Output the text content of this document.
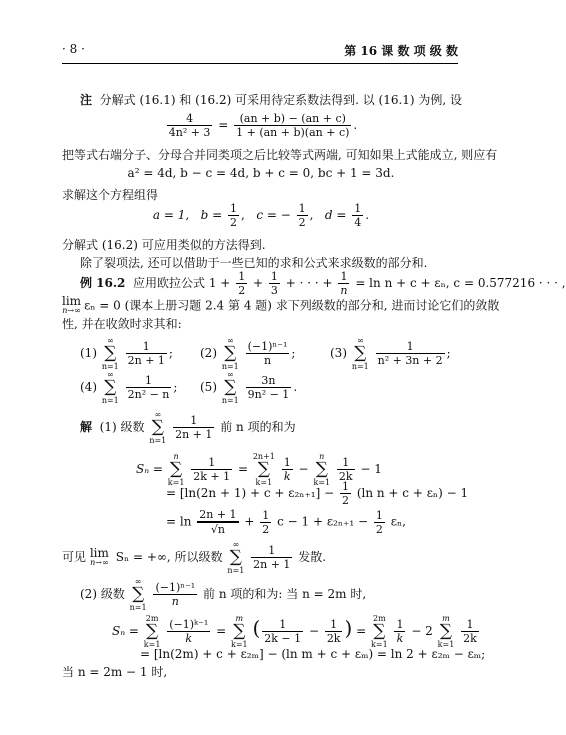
· 8 ·	第 16 课 数 项 级 数
注 分解式 (16.1) 和 (16.2) 可采用待定系数法得到. 以 (16.1) 为例, 设
$\frac{4}{\text{4n² + 3}} = \frac{(an + b) - (an + c)}{1 + (an + b)(an + c)}$ .
把等式右端分子、分母合并同类项之后比较等式两端, 可知如果上式能成立, 则应有
a² = 4d, b − c = 4d, b + c = 0, bc + 1 = 3d.
求解这个方程组得
a = 1, $b = \frac{1}{2}$ ,   c = − $\frac{1}{2}$ ,   $d = \frac{1}{4}$ .
分解式 (16.2) 可应用类似的方法得到.
除了裂项法, 还可以借助于一些已知的求和公式来求级数的部分和.
例 16.2 应用欧拉公式 $1 + \frac{1}{2} + \frac{1}{3}$ + · · · + $\frac{1}{n} = \ln n + c + \varepsilon_n$, c = 0.577216 · · · ,
lim
n→∞ εₙ = 0 (课本上册习题 2.4 第 4 题) 求下列级数的部分和, 进而讨论它们的敛散
性, 并在收敛时求其和:
(1) ∞
∑
$n=1 \frac{1}{2n + 1}$ ;	(2) ∞
∑
$n=1 \frac{\text{(−1)ⁿ⁻¹}}{n}$ ;	(3) ∞
∑
$n=1 \frac{1}{\text{n² + 3n + 2}}$ ;
(4) ∞
∑
$n=1 \frac{1}{\text{2n² − n}}$ ;	(5) ∞
∑
$n=1 \frac{3n}{\text{9n² − 1}}$ .
解 (1) 级数 ∞
∑
$n=1 \frac{1}{2n + 1}$ 前 n 项的和为
Sₙ = n
∑
$k=1 \frac{1}{2k + 1} = 2n+1$
∑
$k=1 \frac{1}{k} - n$
∑
$k=1 \frac{1}{2k} - 1$
= $[\ln(2n + 1) + c + \varepsilon_{2n+1}] - \frac{1}{2} (\ln$ n + c + εₙ) − 1
= $\ln \frac{2n + 1}{√n} + \frac{1}{2}$ $c - 1 + \varepsilon_{2n+1} - \frac{1}{2} \varepsilon_n$,
可见 lim
n→∞ Sₙ = +∞, 所以级数 ∞
∑
$n=1 \frac{1}{2n + 1}$ 发散.
(2) 级数 ∞
∑
$n=1 \frac{\text{(−1)ⁿ⁻¹}}{n}$ 前 n 项的和为: 当 n = 2m 时,
Sₙ = 2m
∑
$k=1 \frac{\text{(−1)ᵏ⁻¹}}{k} = m$
∑
k=1 ( $\frac{1}{2k - 1} - \frac{1}{2k}$ ) = 2m
∑
$k=1 \frac{1}{k} - 2$ m
∑
$k=1 \frac{1}{2k}$
= [ln(2m) + c + ε₂ₘ] − (ln m + c + εₘ) = ln 2 + ε₂ₘ − εₘ;
当 n = 2m − 1 时,
